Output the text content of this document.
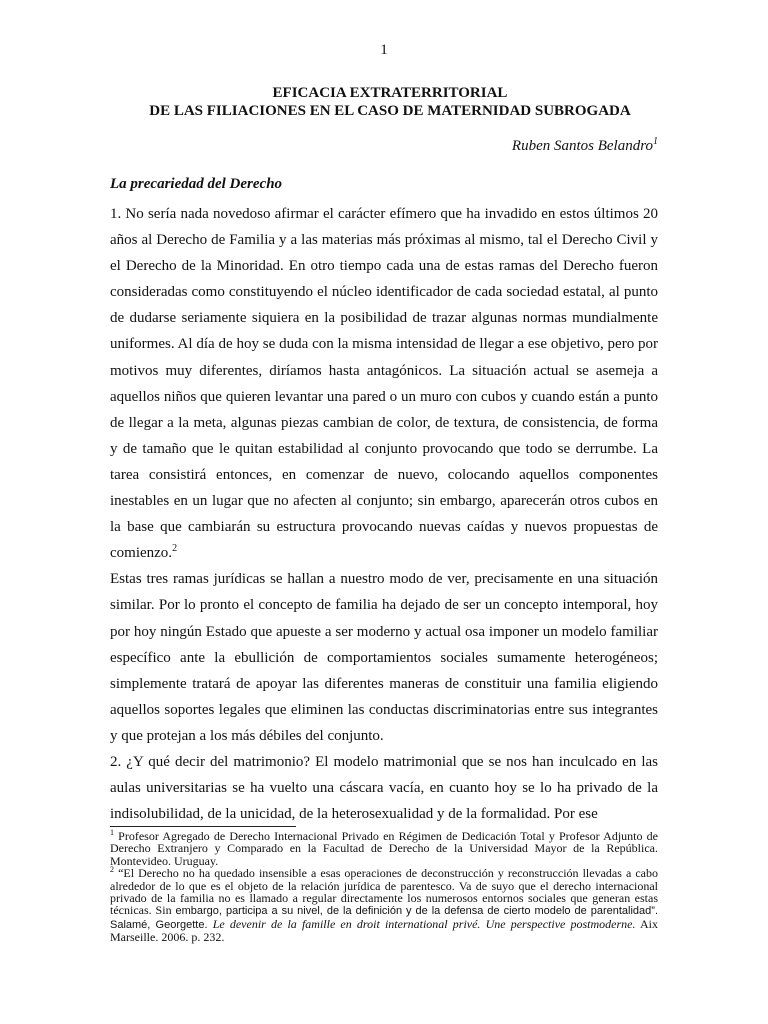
1
EFICACIA EXTRATERRITORIAL
DE LAS FILIACIONES EN EL CASO DE MATERNIDAD SUBROGADA
Ruben Santos Belandro$^1$
La precariedad del Derecho

1. No sería nada novedoso afirmar el carácter efímero que ha invadido en estos últimos 20 años al Derecho de Familia y a las materias más próximas al mismo, tal el Derecho Civil y el Derecho de la Minoridad. En otro tiempo cada una de estas ramas del Derecho fueron consideradas como constituyendo el núcleo identificador de cada sociedad estatal, al punto de dudarse seriamente siquiera en la posibilidad de trazar algunas normas mundialmente uniformes. Al día de hoy se duda con la misma intensidad de llegar a ese objetivo, pero por motivos muy diferentes, diríamos hasta antagónicos. La situación actual se asemeja a aquellos niños que quieren levantar una pared o un muro con cubos y cuando están a punto de llegar a la meta, algunas piezas cambian de color, de textura, de consistencia, de forma y de tamaño que le quitan estabilidad al conjunto provocando que todo se derrumbe. La tarea consistirá entonces, en comenzar de nuevo, colocando aquellos componentes inestables en un lugar que no afecten al conjunto; sin embargo, aparecerán otros cubos en la base que cambiarán su estructura provocando nuevas caídas y nuevos propuestas de comienzo.$^2$

Estas tres ramas jurídicas se hallan a nuestro modo de ver, precisamente en una situación similar. Por lo pronto el concepto de familia ha dejado de ser un concepto intemporal, hoy por hoy ningún Estado que apueste a ser moderno y actual osa imponer un modelo familiar específico ante la ebullición de comportamientos sociales sumamente heterogéneos; simplemente tratará de apoyar las diferentes maneras de constituir una familia eligiendo aquellos soportes legales que eliminen las conductas discriminatorias entre sus integrantes y que protejan a los más débiles del conjunto.

2. ¿Y qué decir del matrimonio? El modelo matrimonial que se nos han inculcado en las aulas universitarias se ha vuelto una cáscara vacía, en cuanto hoy se lo ha privado de la indisolubilidad, de la unicidad, de la heterosexualidad y de la formalidad. Por ese

$^1$ Profesor Agregado de Derecho Internacional Privado en Régimen de Dedicación Total y Profesor Adjunto de Derecho Extranjero y Comparado en la Facultad de Derecho de la Universidad Mayor de la República. Montevideo. Uruguay.

$^2$ “El Derecho no ha quedado insensible a esas operaciones de deconstrucción y reconstrucción llevadas a cabo alrededor de lo que es el objeto de la relación jurídica de parentesco. Va de suyo que el derecho internacional privado de la familia no es llamado a regular directamente los numerosos entornos sociales que generan estas técnicas. Sin embargo, participa a su nivel, de la definición y de la defensa de cierto modelo de parentalidad”. Salamé, Georgette. Le devenir de la famille en droit international privé. Une perspective postmoderne. Aix Marseille. 2006. p. 232.
